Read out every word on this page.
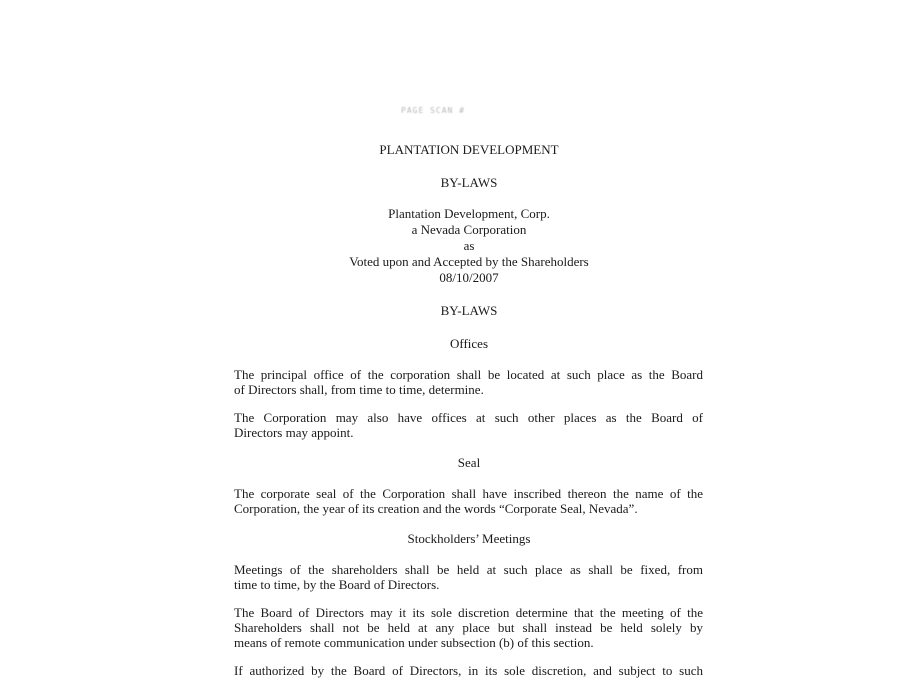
PAGE SCAN #
PLANTATION DEVELOPMENT
BY-LAWS
Plantation Development, Corp.
a Nevada Corporation
as
Voted upon and Accepted by the Shareholders
08/10/2007
BY-LAWS
Offices
The principal office of the corporation shall be located at such place as the Board
of Directors shall, from time to time, determine.
The Corporation may also have offices at such other places as the Board of
Directors may appoint.
Seal
The corporate seal of the Corporation shall have inscribed thereon the name of the
Corporation, the year of its creation and the words “Corporate Seal, Nevada”.
Stockholders’ Meetings
Meetings of the shareholders shall be held at such place as shall be fixed, from
time to time, by the Board of Directors.
The Board of Directors may it its sole discretion determine that the meeting of the
Shareholders shall not be held at any place but shall instead be held solely by
means of remote communication under subsection (b) of this section.
If authorized by the Board of Directors, in its sole discretion, and subject to such
